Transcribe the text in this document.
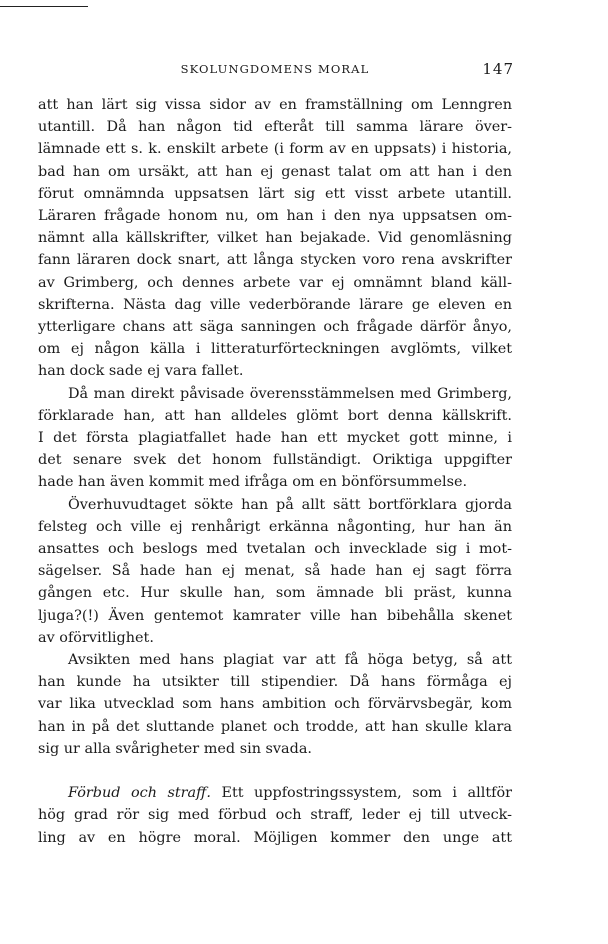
SKOLUNGDOMENS MORAL	147
att han lärt sig vissa sidor av en framställning om Lenngren
utantill. Då han någon tid efteråt till samma lärare över-
lämnade ett s. k. enskilt arbete (i form av en uppsats) i historia,
bad han om ursäkt, att han ej genast talat om att han i den
förut omnämnda uppsatsen lärt sig ett visst arbete utantill.
Läraren frågade honom nu, om han i den nya uppsatsen om-
nämnt alla källskrifter, vilket han bejakade. Vid genomläsning
fann läraren dock snart, att långa stycken voro rena avskrifter
av Grimberg, och dennes arbete var ej omnämnt bland käll-
skrifterna. Nästa dag ville vederbörande lärare ge eleven en
ytterligare chans att säga sanningen och frågade därför ånyo,
om ej någon källa i litteraturförteckningen avglömts, vilket
han dock sade ej vara fallet.
Då man direkt påvisade överensstämmelsen med Grimberg,
förklarade han, att han alldeles glömt bort denna källskrift.
I det första plagiatfallet hade han ett mycket gott minne, i
det senare svek det honom fullständigt. Oriktiga uppgifter
hade han även kommit med ifråga om en bönförsummelse.
Överhuvudtaget sökte han på allt sätt bortförklara gjorda
felsteg och ville ej renhårigt erkänna någonting, hur han än
ansattes och beslogs med tvetalan och invecklade sig i mot-
sägelser. Så hade han ej menat, så hade han ej sagt förra
gången etc. Hur skulle han, som ämnade bli präst, kunna
ljuga?(!) Även gentemot kamrater ville han bibehålla skenet
av oförvitlighet.
Avsikten med hans plagiat var att få höga betyg, så att
han kunde ha utsikter till stipendier. Då hans förmåga ej
var lika utvecklad som hans ambition och förvärvsbegär, kom
han in på det sluttande planet och trodde, att han skulle klara
sig ur alla svårigheter med sin svada.
Förbud och straff. Ett uppfostringssystem, som i alltför
hög grad rör sig med förbud och straff, leder ej till utveck-
ling av en högre moral. Möjligen kommer den unge att
